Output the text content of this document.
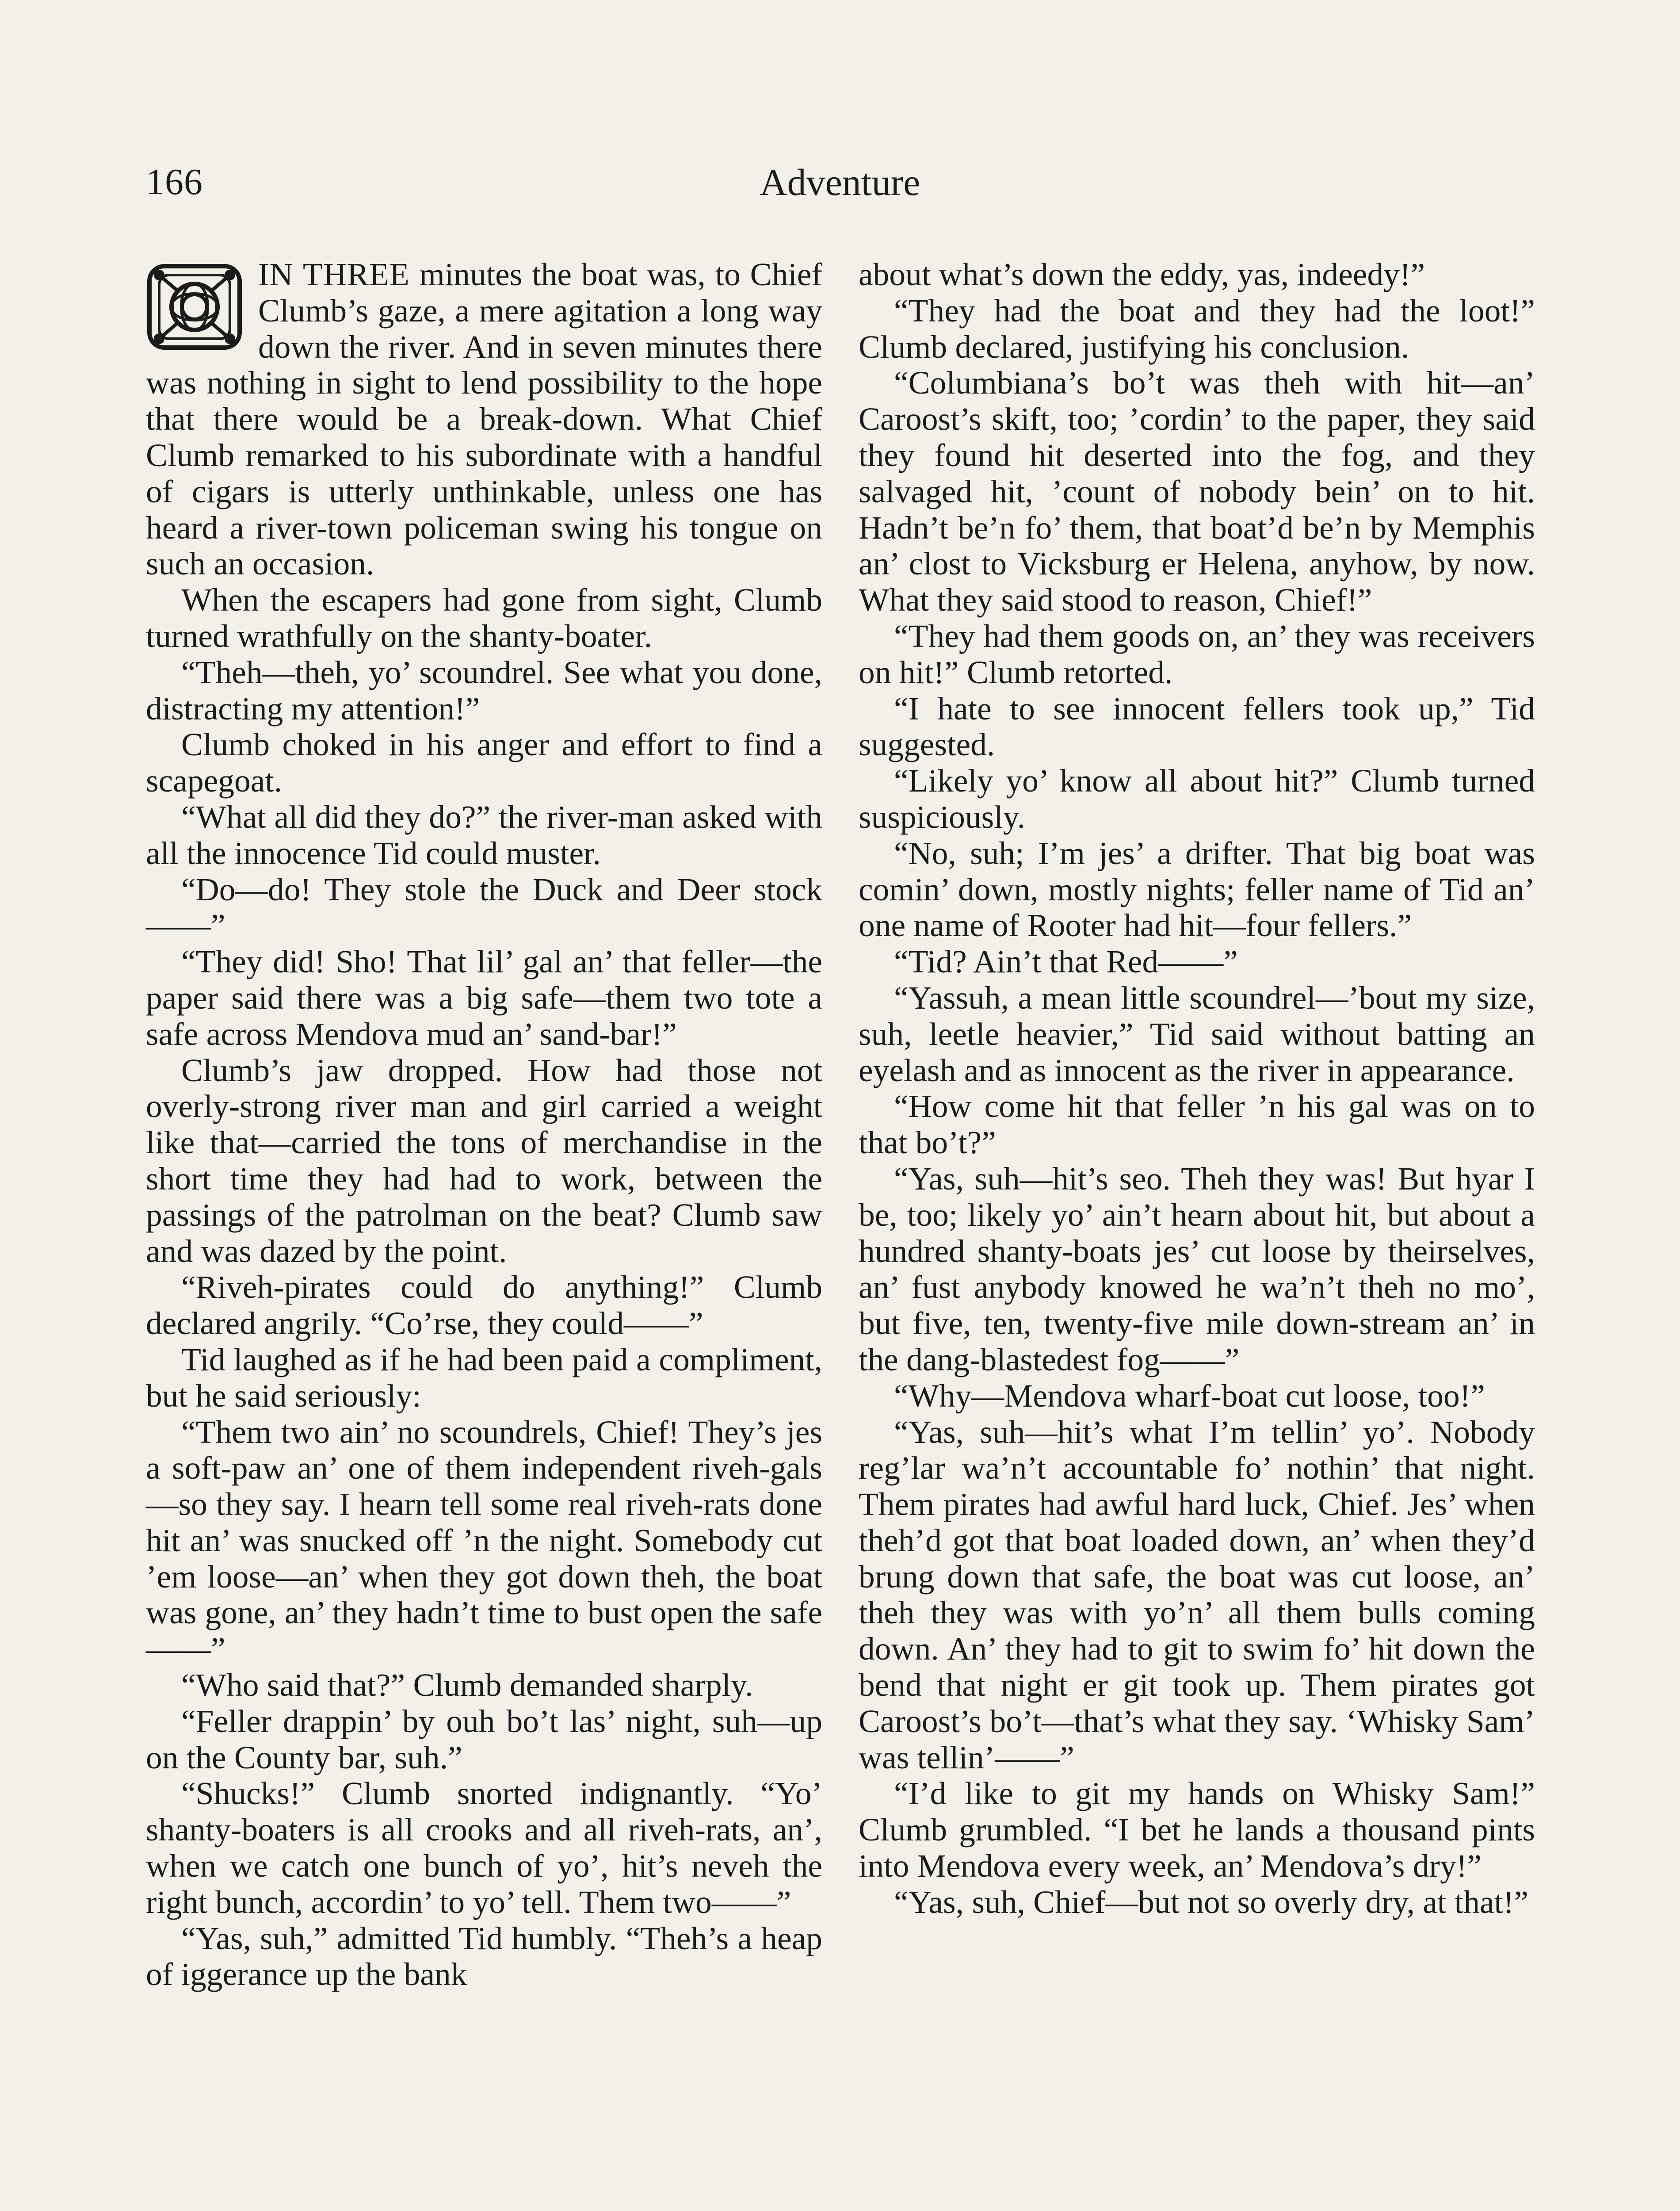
166	Adventure

IN THREE minutes the boat was, to Chief Clumb’s gaze, a mere agitation a long way down the river. And in seven minutes there was nothing in sight to lend possibility to the hope that there would be a break-down. What Chief Clumb remarked to his subordinate with a handful of cigars is utterly unthinkable, unless one has heard a river-town policeman swing his tongue on such an occasion.

When the escapers had gone from sight, Clumb turned wrathfully on the shanty-boater.

“Theh—theh, yo’ scoundrel. See what you done, distracting my attention!”

Clumb choked in his anger and effort to find a scapegoat.

“What all did they do?” the river-man asked with all the innocence Tid could muster.

“Do—do! They stole the Duck and Deer stock——”

“They did! Sho! That lil’ gal an’ that feller—the paper said there was a big safe—them two tote a safe across Mendova mud an’ sand-bar!”

Clumb’s jaw dropped. How had those not overly-strong river man and girl carried a weight like that—carried the tons of merchandise in the short time they had had to work, between the passings of the patrolman on the beat? Clumb saw and was dazed by the point.

“Riveh-pirates could do anything!” Clumb declared angrily. “Co’rse, they could——”

Tid laughed as if he had been paid a compliment, but he said seriously:

“Them two ain’ no scoundrels, Chief! They’s jes a soft-paw an’ one of them independent riveh-gals—so they say. I hearn tell some real riveh-rats done hit an’ was snucked off ’n the night. Somebody cut ’em loose—an’ when they got down theh, the boat was gone, an’ they hadn’t time to bust open the safe——”

“Who said that?” Clumb demanded sharply.

“Feller drappin’ by ouh bo’t las’ night, suh—up on the County bar, suh.”

“Shucks!” Clumb snorted indignantly. “Yo’ shanty-boaters is all crooks and all riveh-rats, an’, when we catch one bunch of yo’, hit’s neveh the right bunch, accordin’ to yo’ tell. Them two——”

“Yas, suh,” admitted Tid humbly. “Theh’s a heap of iggerance up the bank

about what’s down the eddy, yas, indeedy!”

“They had the boat and they had the loot!” Clumb declared, justifying his conclusion.

“Columbiana’s bo’t was theh with hit—an’ Caroost’s skift, too; ’cordin’ to the paper, they said they found hit deserted into the fog, and they salvaged hit, ’count of nobody bein’ on to hit. Hadn’t be’n fo’ them, that boat’d be’n by Memphis an’ clost to Vicksburg er Helena, anyhow, by now. What they said stood to reason, Chief!”

“They had them goods on, an’ they was receivers on hit!” Clumb retorted.

“I hate to see innocent fellers took up,” Tid suggested.

“Likely yo’ know all about hit?” Clumb turned suspiciously.

“No, suh; I’m jes’ a drifter. That big boat was comin’ down, mostly nights; feller name of Tid an’ one name of Rooter had hit—four fellers.”

“Tid? Ain’t that Red——”

“Yassuh, a mean little scoundrel—’bout my size, suh, leetle heavier,” Tid said without batting an eyelash and as innocent as the river in appearance.

“How come hit that feller ’n his gal was on to that bo’t?”

“Yas, suh—hit’s seo. Theh they was! But hyar I be, too; likely yo’ ain’t hearn about hit, but about a hundred shanty-boats jes’ cut loose by theirselves, an’ fust anybody knowed he wa’n’t theh no mo’, but five, ten, twenty-five mile down-stream an’ in the dang-blastedest fog——”

“Why—Mendova wharf-boat cut loose, too!”

“Yas, suh—hit’s what I’m tellin’ yo’. Nobody reg’lar wa’n’t accountable fo’ nothin’ that night. Them pirates had awful hard luck, Chief. Jes’ when theh’d got that boat loaded down, an’ when they’d brung down that safe, the boat was cut loose, an’ theh they was with yo’n’ all them bulls coming down. An’ they had to git to swim fo’ hit down the bend that night er git took up. Them pirates got Caroost’s bo’t—that’s what they say. ‘Whisky Sam’ was tellin’——”

“I’d like to git my hands on Whisky Sam!” Clumb grumbled. “I bet he lands a thousand pints into Mendova every week, an’ Mendova’s dry!”

“Yas, suh, Chief—but not so overly dry, at that!”
